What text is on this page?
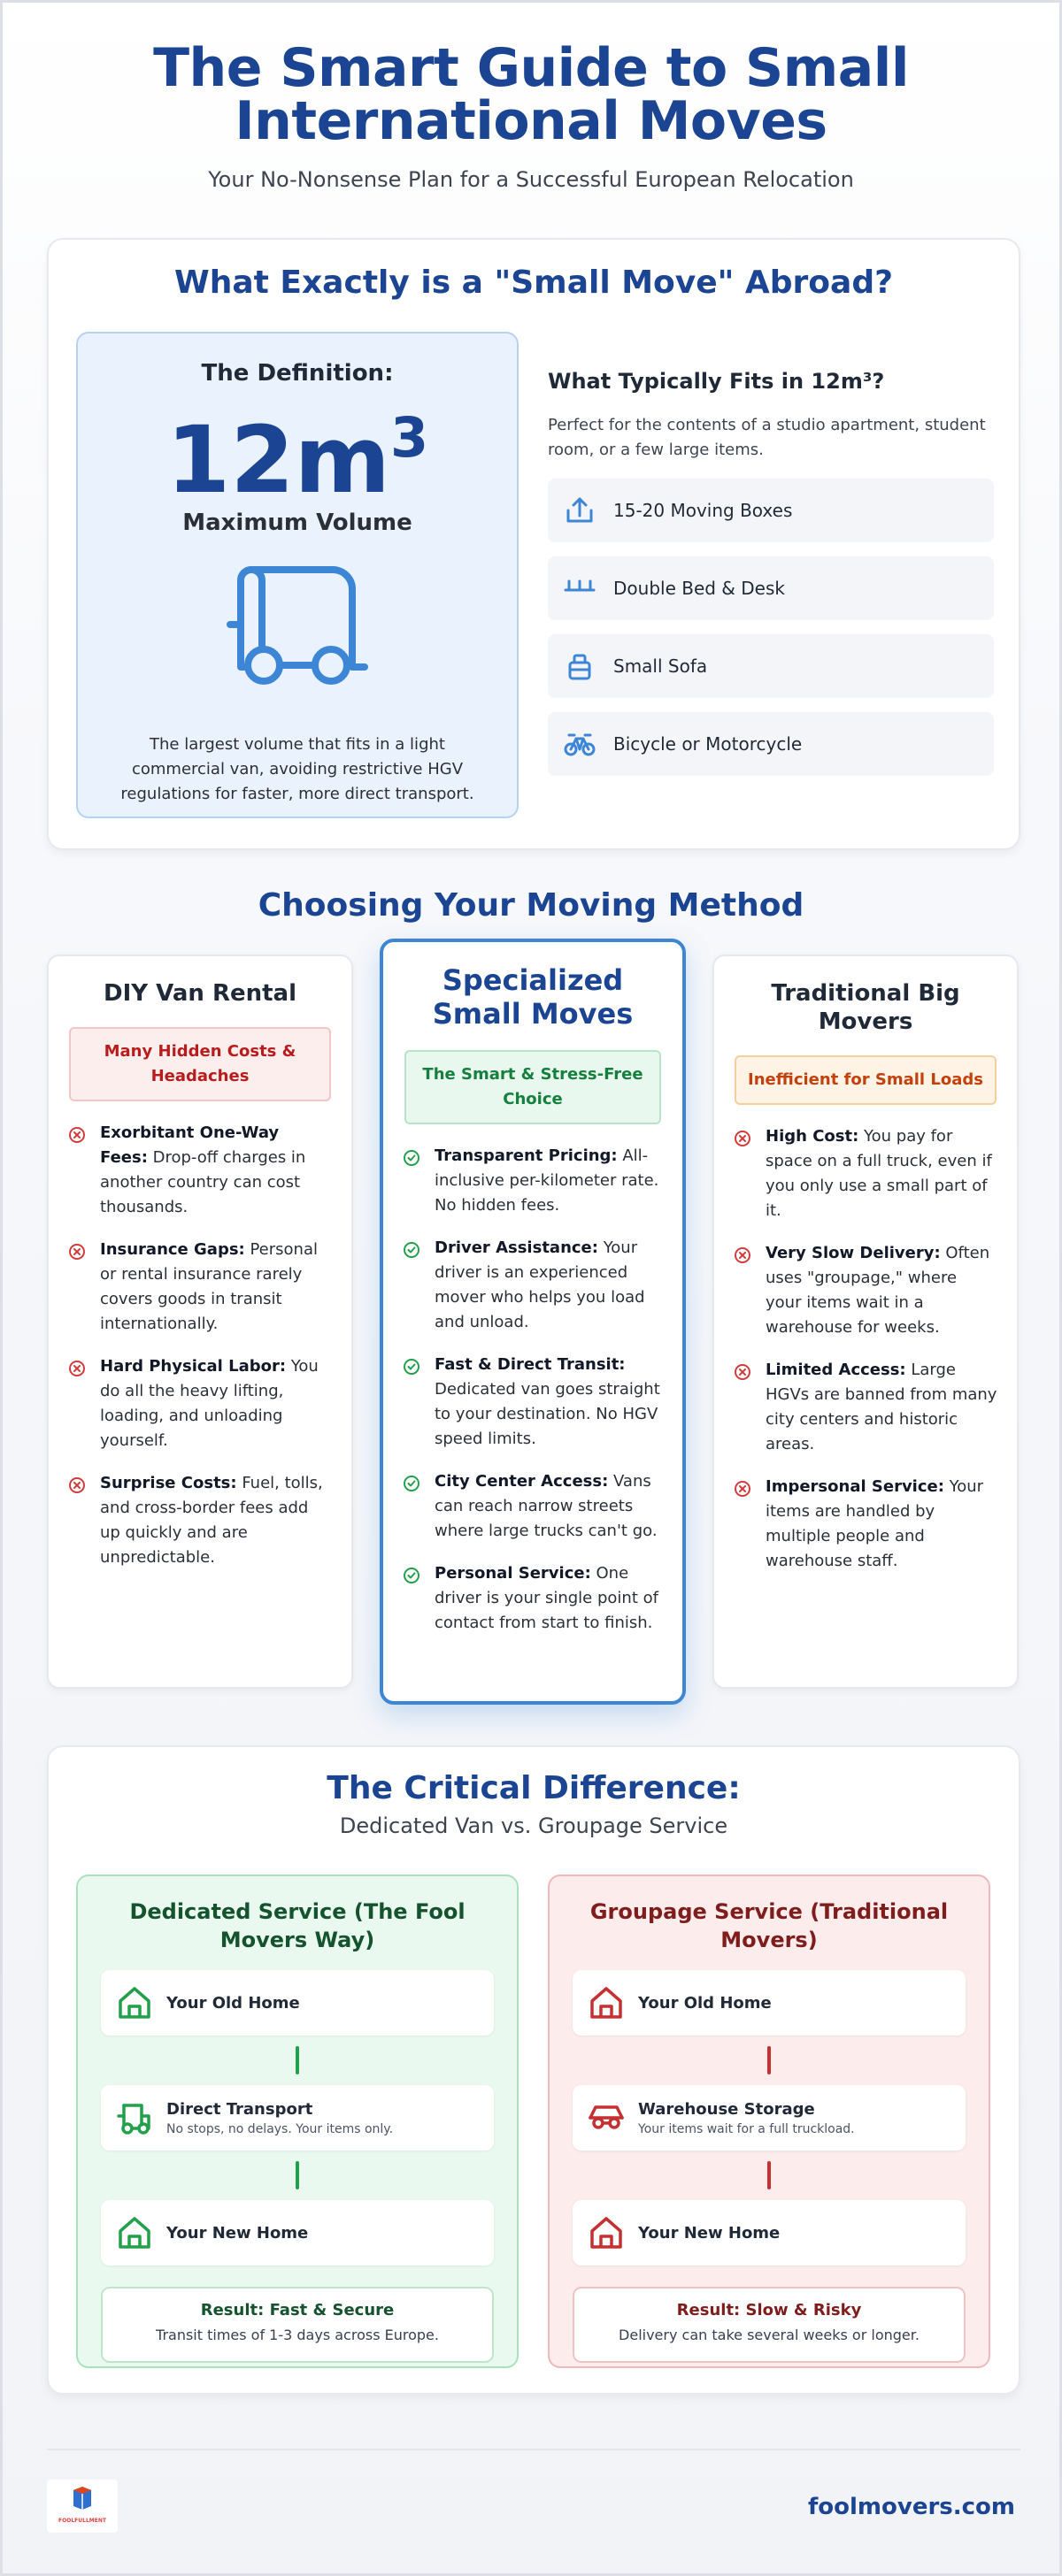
The Smart Guide to Small
International Moves
Your No-Nonsense Plan for a Successful European Relocation
What Exactly is a "Small Move" Abroad?
The Definition:
$12m^3$
Maximum Volume
The largest volume that fits in a light commercial van, avoiding restrictive HGV regulations for faster, more direct transport.
What Typically Fits in 12m³?
Perfect for the contents of a studio apartment, student room, or a few large items.
15-20 Moving Boxes
Double Bed & Desk
Small Sofa
Bicycle or Motorcycle
Choosing Your Moving Method
DIY Van Rental
Many Hidden Costs & Headaches
Exorbitant One-Way Fees: Drop-off charges in another country can cost thousands.
Insurance Gaps: Personal or rental insurance rarely covers goods in transit internationally.
Hard Physical Labor: You do all the heavy lifting, loading, and unloading yourself.
Surprise Costs: Fuel, tolls, and cross-border fees add up quickly and are unpredictable.
Specialized Small Moves
The Smart & Stress-Free Choice
Transparent Pricing: All-inclusive per-kilometer rate. No hidden fees.
Driver Assistance: Your driver is an experienced mover who helps you load and unload.
Fast & Direct Transit: Dedicated van goes straight to your destination. No HGV speed limits.
City Center Access: Vans can reach narrow streets where large trucks can't go.
Personal Service: One driver is your single point of contact from start to finish.
Traditional Big Movers
Inefficient for Small Loads
High Cost: You pay for space on a full truck, even if you only use a small part of it.
Very Slow Delivery: Often uses "groupage," where your items wait in a warehouse for weeks.
Limited Access: Large HGVs are banned from many city centers and historic areas.
Impersonal Service: Your items are handled by multiple people and warehouse staff.
The Critical Difference:
Dedicated Van vs. Groupage Service
Dedicated Service (The Fool Movers Way)
Your Old Home
Direct Transport
No stops, no delays. Your items only.
Your New Home
Result: Fast & Secure
Transit times of 1-3 days across Europe.
Groupage Service (Traditional Movers)
Your Old Home
Warehouse Storage
Your items wait for a full truckload.
Your New Home
Result: Slow & Risky
Delivery can take several weeks or longer.
FOOLFULLMENT
foolmovers.com
